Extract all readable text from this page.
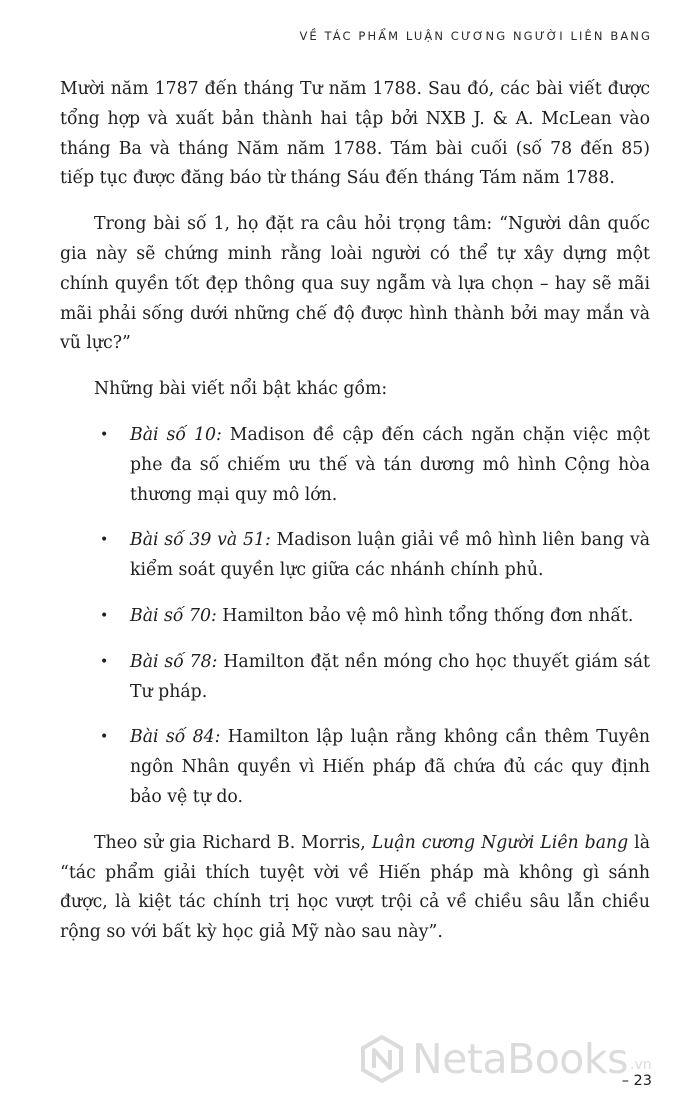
VỀ TÁC PHẨM LUẬN CƯƠNG NGƯỜI LIÊN BANG

Mười năm 1787 đến tháng Tư năm 1788. Sau đó, các bài viết được tổng hợp và xuất bản thành hai tập bởi NXB J. & A. McLean vào tháng Ba và tháng Năm năm 1788. Tám bài cuối (số 78 đến 85) tiếp tục được đăng báo từ tháng Sáu đến tháng Tám năm 1788.

Trong bài số 1, họ đặt ra câu hỏi trọng tâm: “Người dân quốc gia này sẽ chứng minh rằng loài người có thể tự xây dựng một chính quyền tốt đẹp thông qua suy ngẫm và lựa chọn – hay sẽ mãi mãi phải sống dưới những chế độ được hình thành bởi may mắn và vũ lực?”

Những bài viết nổi bật khác gồm:

• Bài số 10: Madison đề cập đến cách ngăn chặn việc một phe đa số chiếm ưu thế và tán dương mô hình Cộng hòa thương mại quy mô lớn.
• Bài số 39 và 51: Madison luận giải về mô hình liên bang và kiểm soát quyền lực giữa các nhánh chính phủ.
• Bài số 70: Hamilton bảo vệ mô hình tổng thống đơn nhất.
• Bài số 78: Hamilton đặt nền móng cho học thuyết giám sát Tư pháp.
• Bài số 84: Hamilton lập luận rằng không cần thêm Tuyên ngôn Nhân quyền vì Hiến pháp đã chứa đủ các quy định bảo vệ tự do.

Theo sử gia Richard B. Morris, Luận cương Người Liên bang là “tác phẩm giải thích tuyệt vời về Hiến pháp mà không gì sánh được, là kiệt tác chính trị học vượt trội cả về chiều sâu lẫn chiều rộng so với bất kỳ học giả Mỹ nào sau này”.

NetaBooks .vn
– 23
